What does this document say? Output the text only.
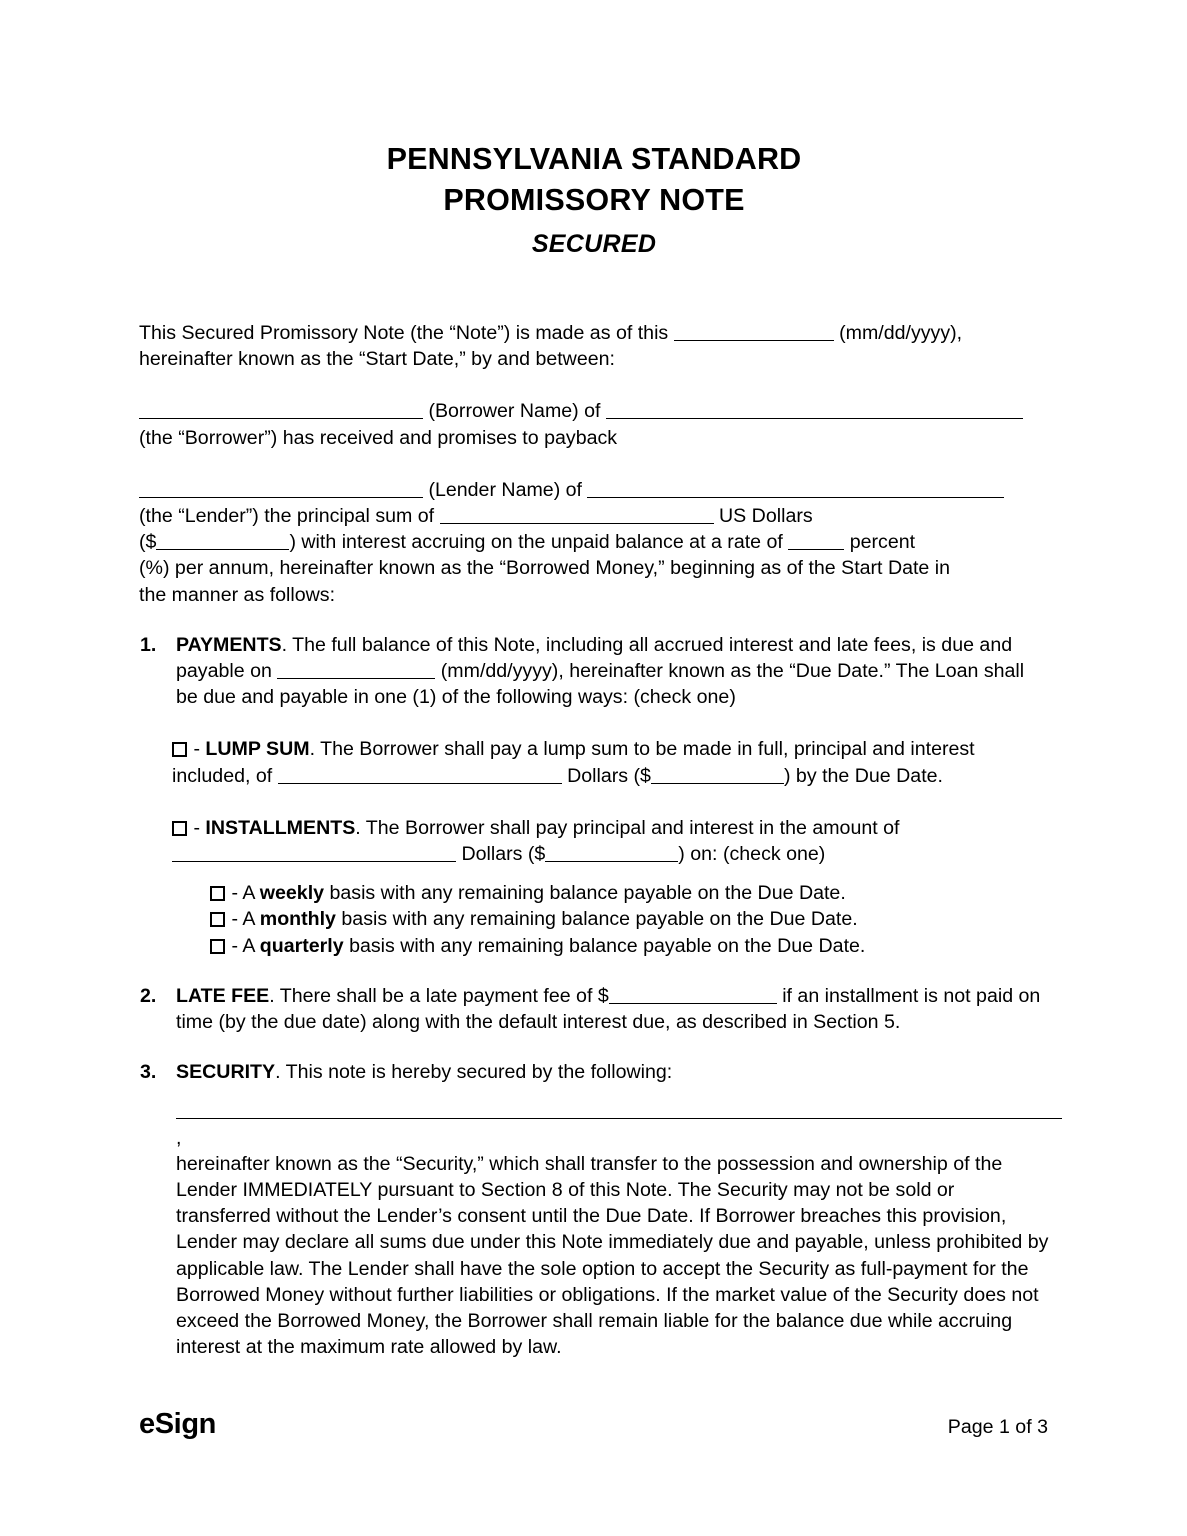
PENNSYLVANIA STANDARD
PROMISSORY NOTE
SECURED

This Secured Promissory Note (the “Note”) is made as of this	(mm/dd/yyyy),

hereinafter known as the “Start Date,” by and between:

(Borrower Name) of

(the “Borrower”) has received and promises to payback

(Lender Name) of

(the “Lender”) the principal sum of	US Dollars

($	) with interest accruing on the unpaid balance at a rate of	percent

(%) per annum, hereinafter known as the “Borrowed Money,” beginning as of the Start Date in

the manner as follows:

1.	PAYMENTS. The full balance of this Note, including all accrued interest and late fees, is due and payable on	(mm/dd/yyyy), hereinafter known as the “Due Date.” The Loan shall be due and payable in one (1) of the following ways: (check one)
- LUMP SUM. The Borrower shall pay a lump sum to be made in full, principal and interest included, of	Dollars ($	) by the Due Date.
- INSTALLMENTS. The Borrower shall pay principal and interest in the amount of  Dollars ($	) on: (check one)
- A weekly basis with any remaining balance payable on the Due Date.
- A monthly basis with any remaining balance payable on the Due Date.
- A quarterly basis with any remaining balance payable on the Due Date.
2.	LATE FEE. There shall be a late payment fee of $	if an installment is not paid on time (by the due date) along with the default interest due, as described in Section 5.
3.	SECURITY. This note is hereby secured by the following:

,

hereinafter known as the “Security,” which shall transfer to the possession and ownership of the Lender IMMEDIATELY pursuant to Section 8 of this Note. The Security may not be sold or transferred without the Lender’s consent until the Due Date. If Borrower breaches this provision, Lender may declare all sums due under this Note immediately due and payable, unless prohibited by applicable law. The Lender shall have the sole option to accept the Security as full-payment for the Borrowed Money without further liabilities or obligations. If the market value of the Security does not exceed the Borrowed Money, the Borrower shall remain liable for the balance due while accruing interest at the maximum rate allowed by law.

eSign	Page 1 of 3
